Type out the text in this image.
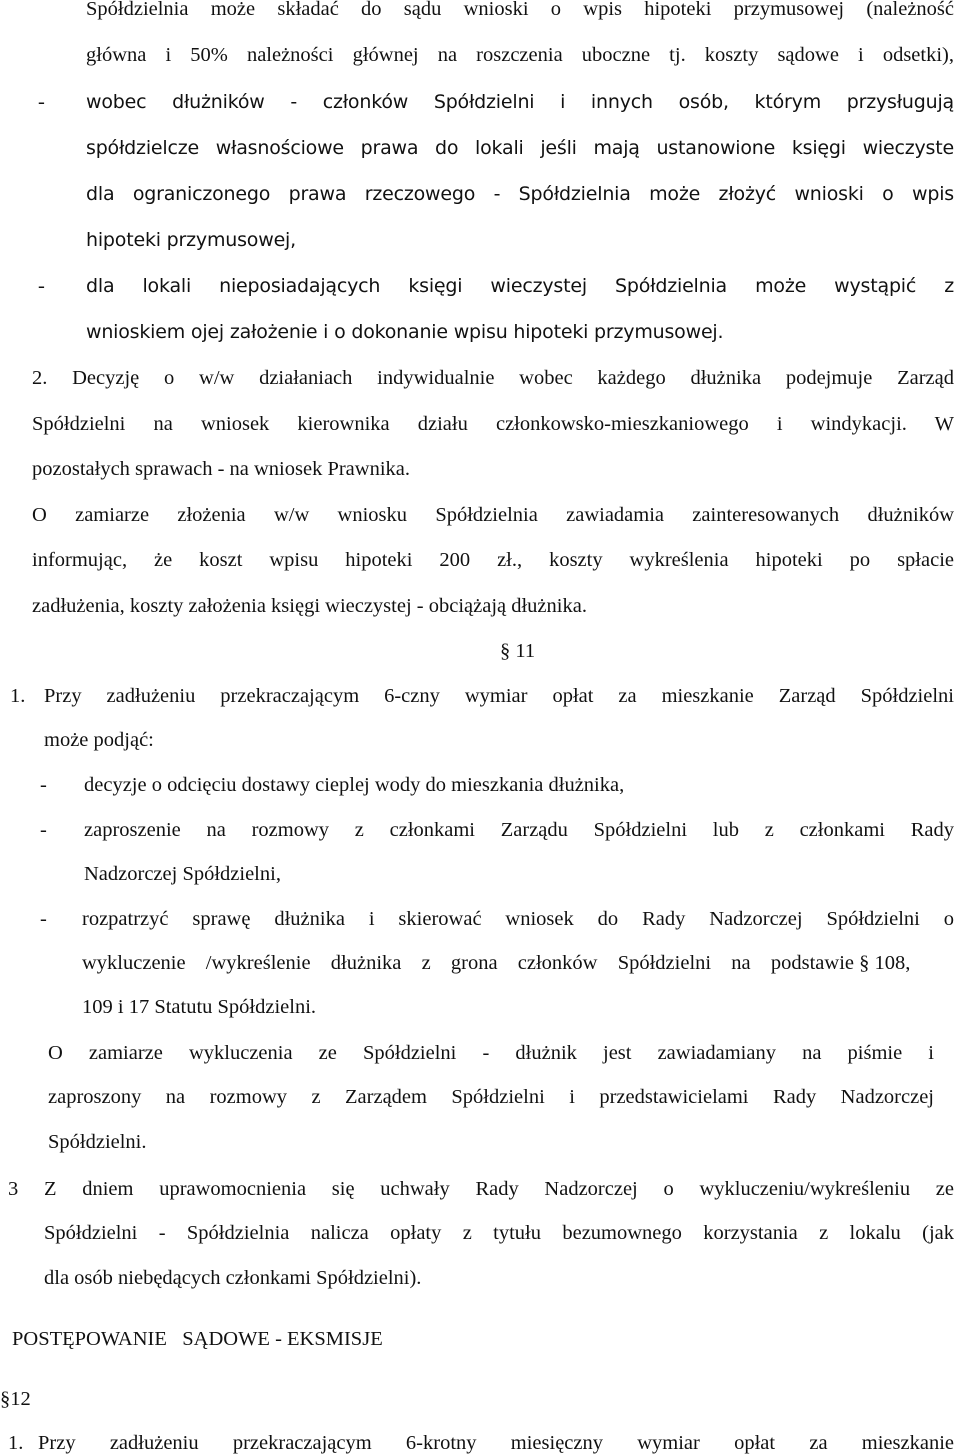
Spółdzielnia może składać do sądu wnioski o wpis hipoteki przymusowej (należność
główna i 50% należności głównej na roszczenia uboczne tj. koszty sądowe i odsetki),
- wobec dłużników - członków Spółdzielni i innych osób, którym przysługują
spółdzielcze własnościowe prawa do lokali jeśli mają ustanowione księgi wieczyste
dla ograniczonego prawa rzeczowego - Spółdzielnia może złożyć wnioski o wpis
hipoteki przymusowej,
- dla lokali nieposiadających księgi wieczystej Spółdzielnia może wystąpić z
wnioskiem ojej założenie i o dokonanie wpisu hipoteki przymusowej.
2. Decyzję o w/w działaniach indywidualnie wobec każdego dłużnika podejmuje Zarząd
Spółdzielni na wniosek kierownika działu członkowsko-mieszkaniowego i windykacji. W
pozostałych sprawach - na wniosek Prawnika.
O zamiarze złożenia w/w wniosku Spółdzielnia zawiadamia zainteresowanych dłużników
informując, że koszt wpisu hipoteki 200 zł., koszty wykreślenia hipoteki po spłacie
zadłużenia, koszty założenia księgi wieczystej - obciążają dłużnika.
§ 11
1. Przy zadłużeniu przekraczającym 6-czny wymiar opłat za mieszkanie Zarząd Spółdzielni
może podjąć:
- decyzje o odcięciu dostawy cieplej wody do mieszkania dłużnika,
- zaproszenie na rozmowy z członkami Zarządu Spółdzielni lub z członkami Rady
Nadzorczej Spółdzielni,
- rozpatrzyć sprawę dłużnika i skierować wniosek do Rady Nadzorczej Spółdzielni o
wykluczenie /wykreślenie dłużnika z grona członków Spółdzielni na podstawie § 108,
109 i 17 Statutu Spółdzielni.
O zamiarze wykluczenia ze Spółdzielni - dłużnik jest zawiadamiany na piśmie i
zaproszony na rozmowy z Zarządem Spółdzielni i przedstawicielami Rady Nadzorczej
Spółdzielni.
3 Z dniem uprawomocnienia się uchwały Rady Nadzorczej o wykluczeniu/wykreśleniu ze
Spółdzielni - Spółdzielnia nalicza opłaty z tytułu bezumownego korzystania z lokalu (jak
dla osób niebędących członkami Spółdzielni).
POSTĘPOWANIE   SĄDOWE - EKSMISJE
§12
1. Przy zadłużeniu przekraczającym 6-krotny miesięczny wymiar opłat za mieszkanie
